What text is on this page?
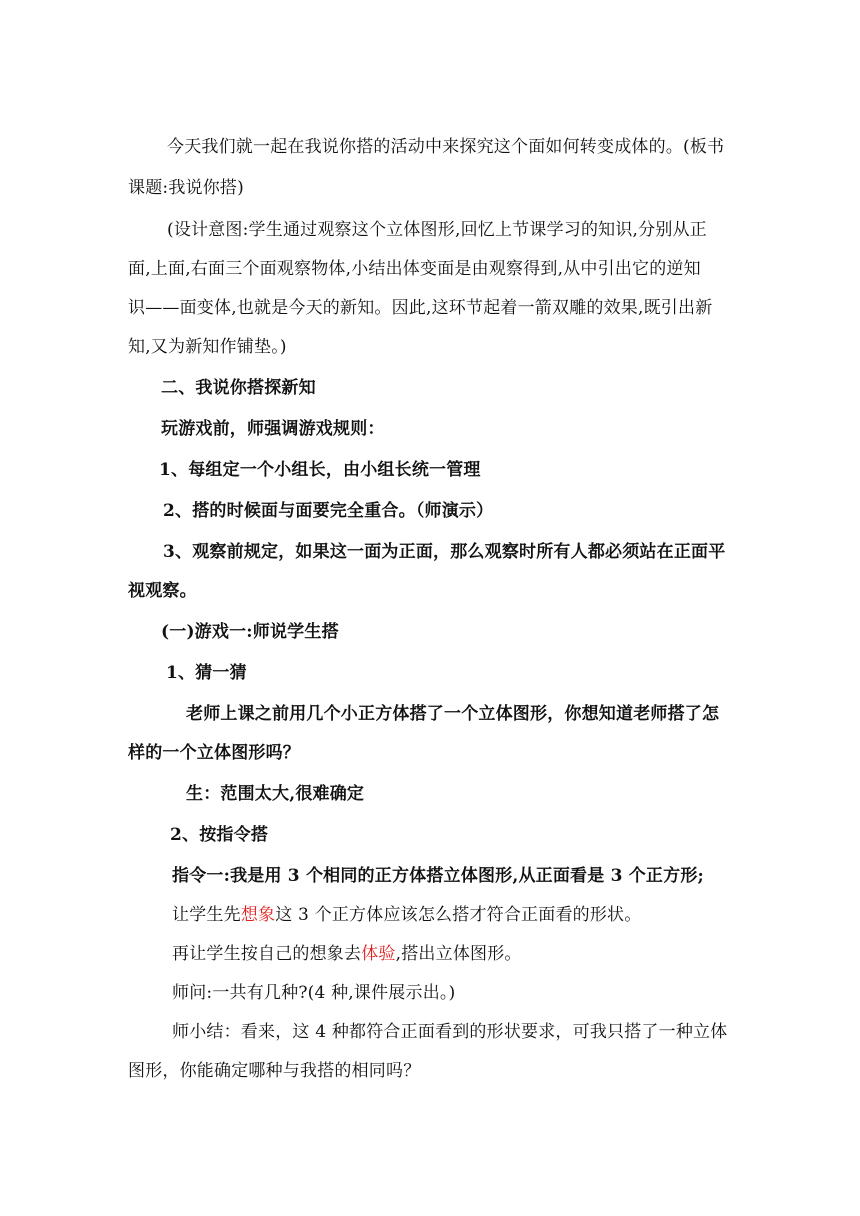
今天我们就一起在我说你搭的活动中来探究这个面如何转变成体的。(板书
课题:我说你搭)
(设计意图:学生通过观察这个立体图形,回忆上节课学习的知识,分别从正
面,上面,右面三个面观察物体,小结出体变面是由观察得到,从中引出它的逆知
识——面变体,也就是今天的新知。因此,这环节起着一箭双雕的效果,既引出新
知,又为新知作铺垫。)
二、我说你搭探新知
玩游戏前，师强调游戏规则：
1、每组定一个小组长，由小组长统一管理
2、搭的时候面与面要完全重合。（师演示）
3、观察前规定，如果这一面为正面，那么观察时所有人都必须站在正面平
视观察。
(一)游戏一:师说学生搭
1、猜一猜
老师上课之前用几个小正方体搭了一个立体图形，你想知道老师搭了怎
样的一个立体图形吗？
生：范围太大,很难确定
2、按指令搭
指令一:我是用 3 个相同的正方体搭立体图形,从正面看是 3 个正方形;
让学生先想象这 3 个正方体应该怎么搭才符合正面看的形状。
再让学生按自己的想象去体验,搭出立体图形。
师问:一共有几种?(4 种,课件展示出。)
师小结：看来，这 4 种都符合正面看到的形状要求，可我只搭了一种立体
图形，你能确定哪种与我搭的相同吗？
